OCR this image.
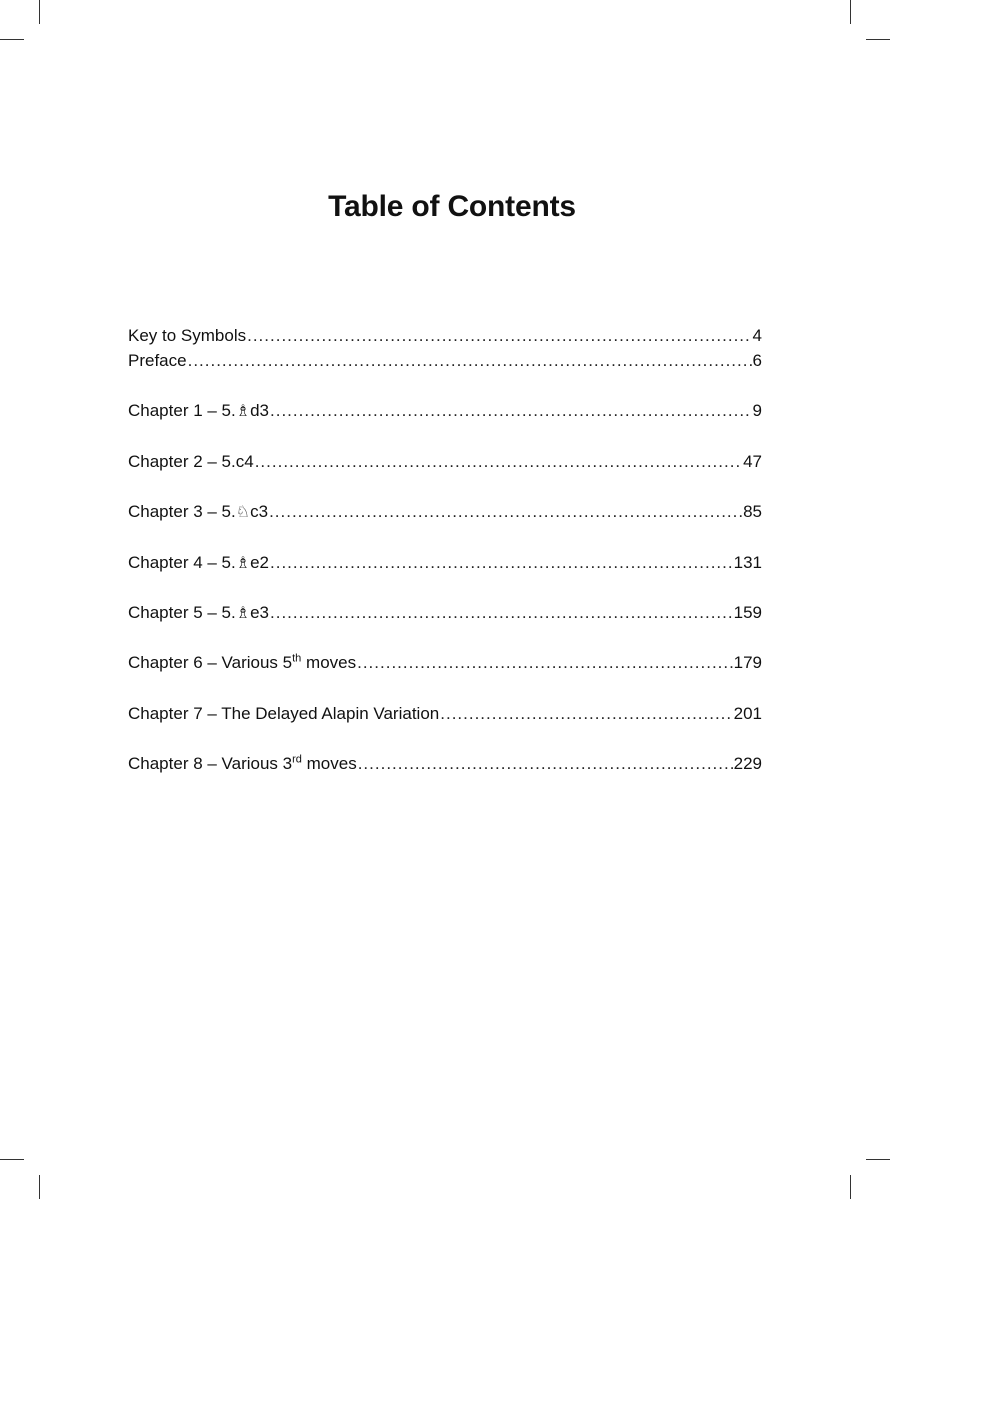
Table of Contents
Key to Symbols .....	4
Preface .....	6
Chapter 1 – 5.♗d3 .....	9
Chapter 2 – 5.c4 .....	47
Chapter 3 – 5.♘c3 .....	85
Chapter 4 – 5.♗e2 .....	131
Chapter 5 – 5.♗e3 .....	159
Chapter 6 – Various 5th moves .....	179
Chapter 7 – The Delayed Alapin Variation .....	201
Chapter 8 – Various 3rd moves .....	229
